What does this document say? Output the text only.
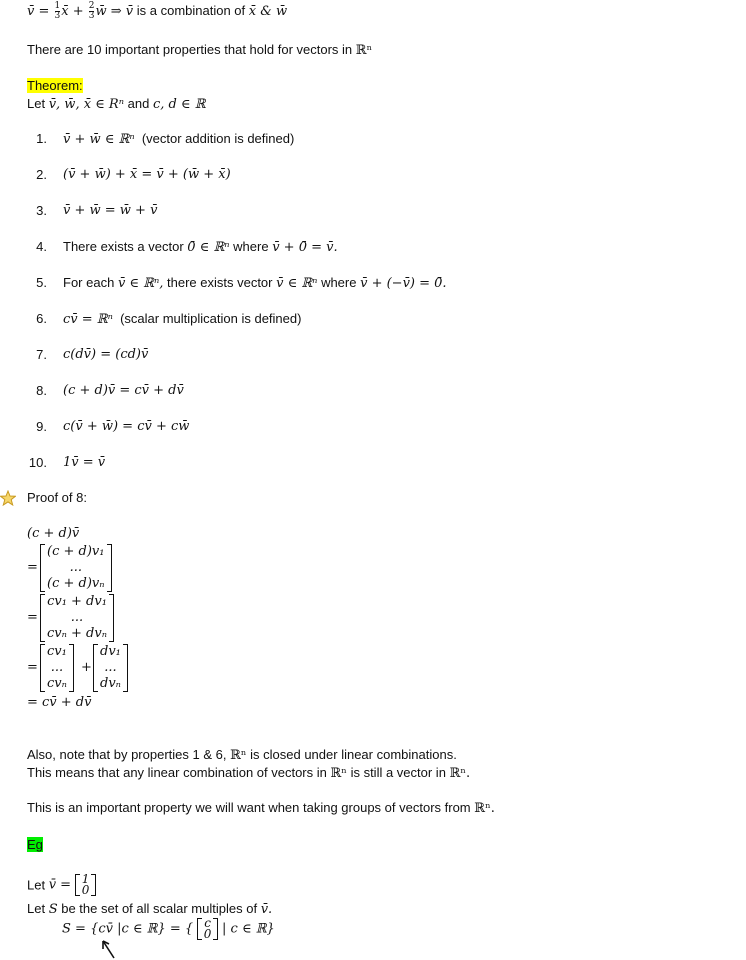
v̄ = $\frac{1}{3}$ x̄ + $\frac{2}{3}$ w̄ ⇒ v̄ is a combination of x̄ & w̄
There are 10 important properties that hold for vectors in ℝⁿ
Theorem:
Let v̄, w̄, x̄ ∈ Rⁿ and c, d ∈ ℝ
1. v̄ + w̄ ∈ ℝⁿ (vector addition is defined)
2. (v̄ + w̄) + x̄ = v̄ + (w̄ + x̄)
3. v̄ + w̄ = w̄ + v̄
4. There exists a vector 0̄ ∈ ℝⁿ where v̄ + 0̄ = v̄.
5. For each v̄ ∈ ℝⁿ, there exists vector v̄ ∈ ℝⁿ where v̄ + (−v̄) = 0̄.
6. cv̄ = ℝⁿ (scalar multiplication is defined)
7. c(dv̄) = (cd)v̄
8. (c + d)v̄ = cv̄ + dv̄
9. c(v̄ + w̄) = cv̄ + cw̄
10. 1v̄ = v̄
Proof of 8:
(c + d)v̄
=
(c + d)v₁
...
(c + d)vₙ
=
cv₁ + dv₁
...
cvₙ + dvₙ
=
cv₁
...
cvₙ
+
dv₁
...
dvₙ
= cv̄ + dv̄
Also, note that by properties 1 & 6, ℝⁿ is closed under linear combinations.
This means that any linear combination of vectors in ℝⁿ is still a vector in ℝⁿ.
This is an important property we will want when taking groups of vectors from ℝⁿ.
Eg
Let v̄ = 1
0
Let S be the set of all scalar multiples of v̄.
S = {cv̄ |c ∈ ℝ} = { c
0 | c ∈ ℝ}
